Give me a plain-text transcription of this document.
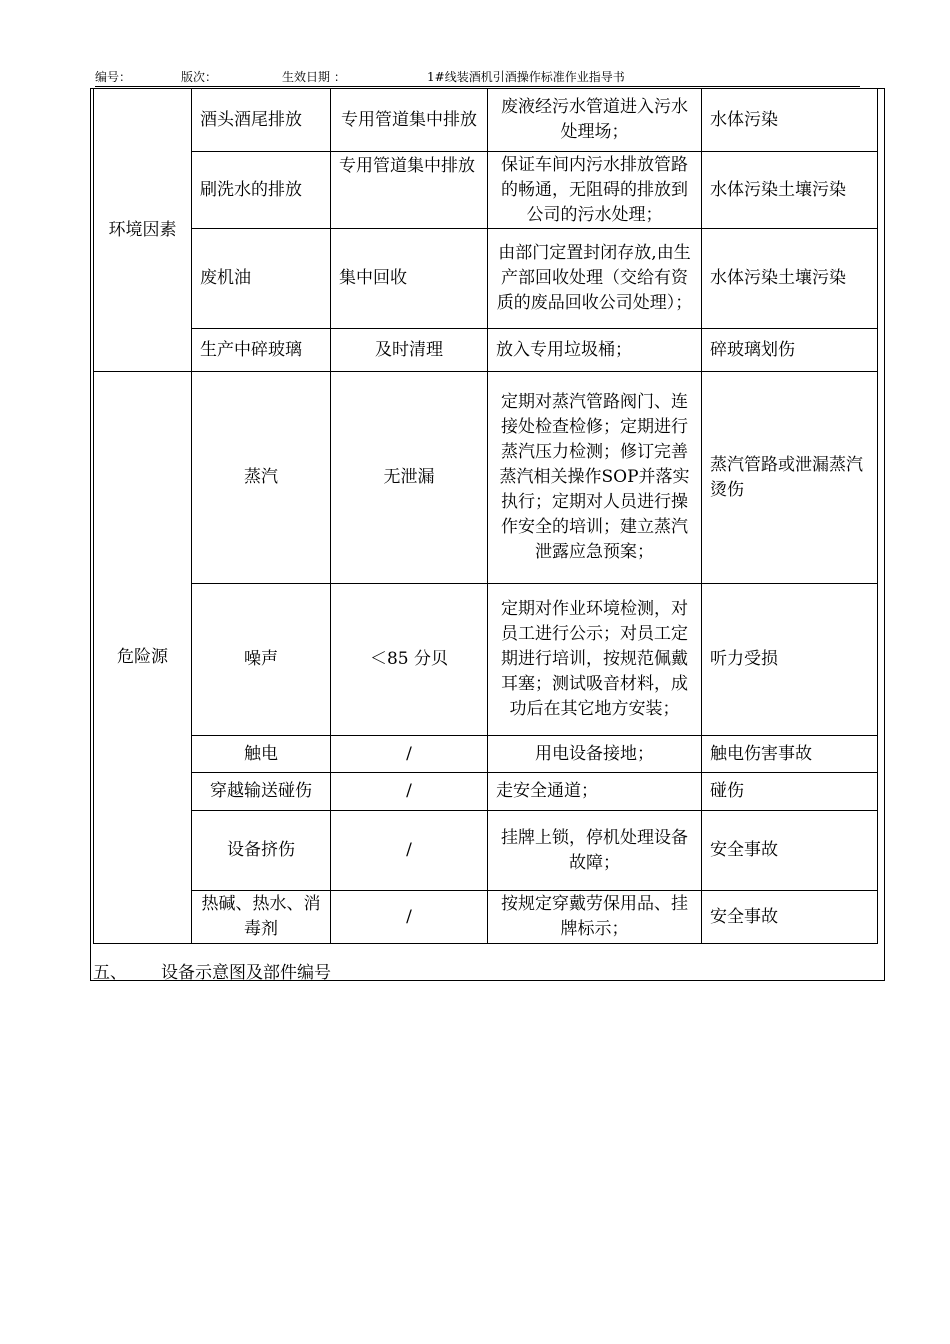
编号：	版次：	生效日期 ：	1#线装酒机引酒操作标准作业指导书
环境因素	酒头酒尾排放	专用管道集中排放	废液经污水管道进入污水处理场；	水体污染
	刷洗水的排放	专用管道集中排放	保证车间内污水排放管路的畅通，无阻碍的排放到公司的污水处理；	水体污染土壤污染
	废机油	集中回收	由部门定置封闭存放,由生产部回收处理（交给有资质的废品回收公司处理）；	水体污染土壤污染
	生产中碎玻璃	及时清理	放入专用垃圾桶；	碎玻璃划伤
危险源	蒸汽	无泄漏	定期对蒸汽管路阀门、连接处检查检修；定期进行蒸汽压力检测；修订完善蒸汽相关操作SOP并落实执行；定期对人员进行操作安全的培训；建立蒸汽泄露应急预案；	蒸汽管路或泄漏蒸汽烫伤
	噪声	＜85 分贝	定期对作业环境检测，对员工进行公示；对员工定期进行培训，按规范佩戴耳塞；测试吸音材料，成功后在其它地方安装；	听力受损
	触电	/	用电设备接地；	触电伤害事故
	穿越输送碰伤	/	走安全通道；	碰伤
	设备挤伤	/	挂牌上锁，停机处理设备故障；	安全事故
	热碱、热水、消毒剂	/	按规定穿戴劳保用品、挂牌标示；	安全事故
五、 设备示意图及部件编号
